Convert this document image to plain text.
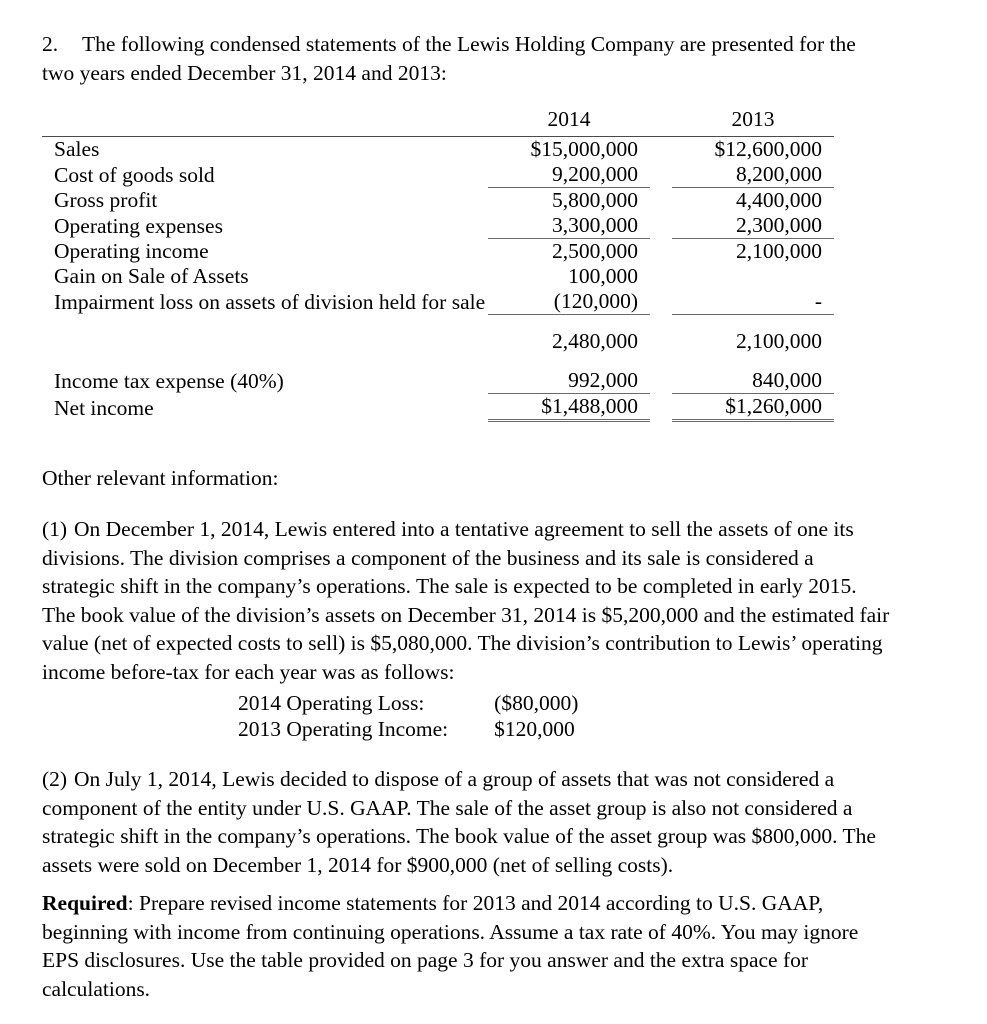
2.	The following condensed statements of the Lewis Holding Company are presented for the two years ended December 31, 2014 and 2013:
		2014		2013

Sales		$15,000,000		$12,600,000
Cost of goods sold		9,200,000		8,200,000
Gross profit		5,800,000		4,400,000
Operating expenses		3,300,000		2,300,000
Operating income		2,500,000		2,100,000
Gain on Sale of Assets		100,000		
Impairment loss on assets of division held for sale		(120,000)		-

		2,480,000		2,100,000

Income tax expense (40%)		992,000		840,000
Net income		$1,488,000		$1,260,000
Other relevant information:
(1) On December 1, 2014, Lewis entered into a tentative agreement to sell the assets of one its divisions. The division comprises a component of the business and its sale is considered a strategic shift in the company’s operations. The sale is expected to be completed in early 2015. The book value of the division’s assets on December 31, 2014 is $5,200,000 and the estimated fair value (net of expected costs to sell) is $5,080,000. The division’s contribution to Lewis’ operating income before-tax for each year was as follows:
2014 Operating Loss:	($80,000)
2013 Operating Income:	$120,000
(2) On July 1, 2014, Lewis decided to dispose of a group of assets that was not considered a component of the entity under U.S. GAAP. The sale of the asset group is also not considered a strategic shift in the company’s operations. The book value of the asset group was $800,000. The assets were sold on December 1, 2014 for $900,000 (net of selling costs).
Required: Prepare revised income statements for 2013 and 2014 according to U.S. GAAP, beginning with income from continuing operations. Assume a tax rate of 40%. You may ignore EPS disclosures. Use the table provided on page 3 for you answer and the extra space for calculations.
